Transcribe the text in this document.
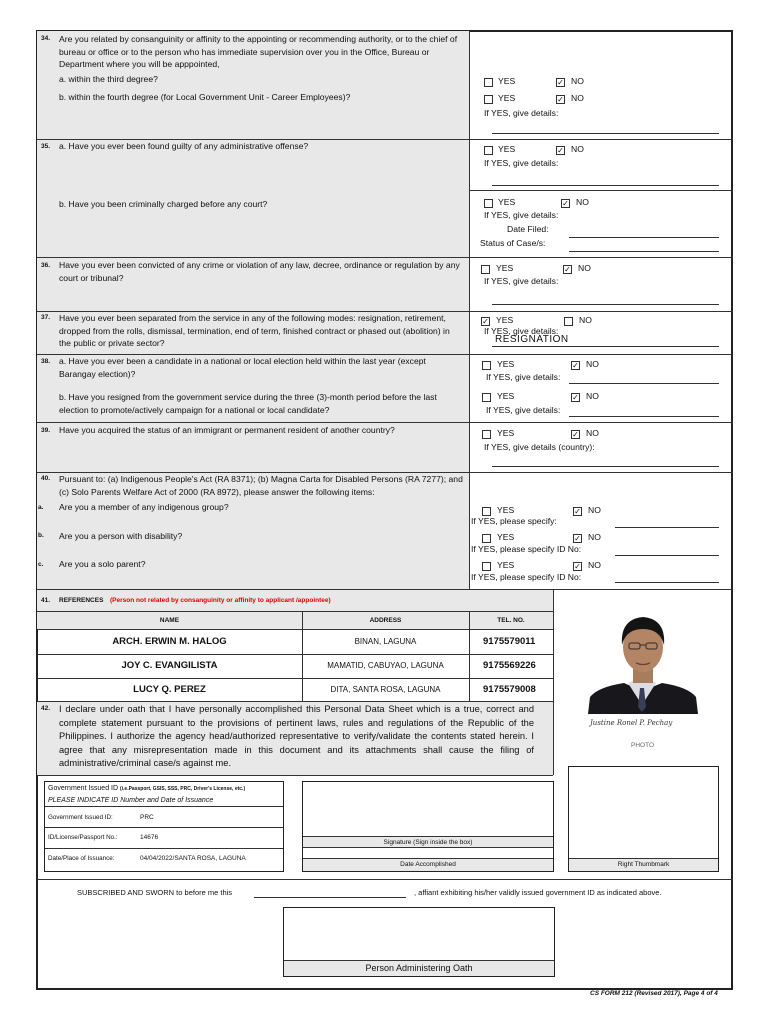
34. Are you related by consanguinity or affinity to the appointing or recommending authority, or to the chief of bureau or office or to the person who has immediate supervision over you in the Office, Bureau or Department where you will be apppointed,
a. within the third degree?
b. within the fourth degree (for Local Government Unit - Career Employees)?
YES	✓ NO
YES	✓ NO
If YES, give details:
35. a. Have you ever been found guilty of any administrative offense?
b. Have you been criminally charged before any court?
YES	✓ NO
If YES, give details:
YES	✓ NO
If YES, give details:
Date Filed:
Status of Case/s:
36. Have you ever been convicted of any crime or violation of any law, decree, ordinance or regulation by any court or tribunal?
YES	✓ NO
If YES, give details:
37. Have you ever been separated from the service in any of the following modes: resignation, retirement, dropped from the rolls, dismissal, termination, end of term, finished contract or phased out (abolition) in the public or private sector?
✓ YES	NO
If YES, give details:
RESIGNATION
38. a. Have you ever been a candidate in a national or local election held within the last year (except Barangay election)?
b. Have you resigned from the government service during the three (3)-month period before the last election to promote/actively campaign for a national or local candidate?
YES	✓ NO
If YES, give details:
YES	✓ NO
If YES, give details:
39. Have you acquired the status of an immigrant or permanent resident of another country?	YES	✓ NO
If YES, give details (country):
40. Pursuant to: (a) Indigenous People's Act (RA 8371); (b) Magna Carta for Disabled Persons (RA 7277); and (c) Solo Parents Welfare Act of 2000 (RA 8972), please answer the following items:
a. Are you a member of any indigenous group?
b. Are you a person with disability?
c. Are you a solo parent?
YES	✓ NO
If YES, please specify:
YES	✓ NO
If YES, please specify ID No:
YES	✓ NO
If YES, please specify ID No:
41. REFERENCES (Person not related by consanguinity or affinity to applicant /appointee)
NAME	ADDRESS	TEL. NO.
ARCH. ERWIN M. HALOG	BINAN, LAGUNA	9175579011
JOY C. EVANGILISTA	MAMATID, CABUYAO, LAGUNA	9175569226
LUCY Q. PEREZ	DITA, SANTA ROSA, LAGUNA	9175579008
42. I declare under oath that I have personally accomplished this Personal Data Sheet which is a true, correct and complete statement pursuant to the provisions of pertinent laws, rules and regulations of the Republic of the Philippines. I authorize the agency head/authorized representative to verify/validate the contents stated herein. I agree that any misrepresentation made in this document and its attachments shall cause the filing of administrative/criminal case/s against me.
Justine Ronel P. Pechay
PHOTO
Government Issued ID (i.e.Passport, GSIS, SSS, PRC, Driver's License, etc.)
PLEASE INDICATE ID Number and Date of Issuance
Government Issued ID:	PRC
ID/License/Passport No.:	14676
Date/Place of Issuance:	04/04/2022/SANTA ROSA, LAGUNA
Signature (Sign inside the box)
Date Accomplished	Right Thumbmark
SUBSCRIBED AND SWORN to before me this	, affiant exhibiting his/her validly issued government ID as indicated above.
Person Administering Oath
CS FORM 212 (Revised 2017), Page 4 of 4
